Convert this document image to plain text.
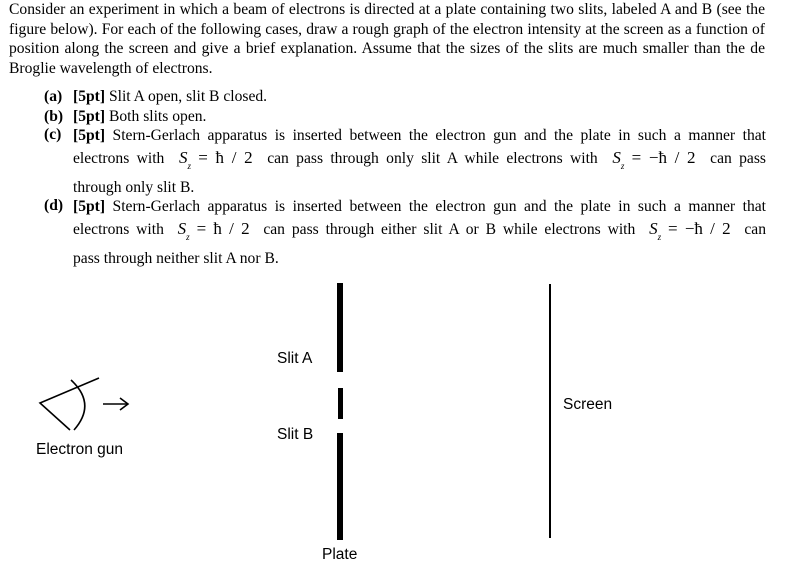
Consider an experiment in which a beam of electrons is directed at a plate containing two slits, labeled A and B (see the figure below). For each of the following cases, draw a rough graph of the electron intensity at the screen as a function of position along the screen and give a brief explanation. Assume that the sizes of the slits are much smaller than the de Broglie wavelength of electrons.
(a) [5pt] Slit A open, slit B closed.
(b) [5pt] Both slits open.
(c) [5pt] Stern-Gerlach apparatus is inserted between the electron gun and the plate in such a manner that
electrons with $S_z$ = ħ / 2 can pass through only slit A while electrons with $S_z$ = −ħ / 2 can pass
through only slit B.
(d) [5pt] Stern-Gerlach apparatus is inserted between the electron gun and the plate in such a manner that
electrons with $S_z$ = ħ / 2 can pass through either slit A or B while electrons with $S_z$ = −ħ / 2 can
pass through neither slit A nor B.
Slit A
Slit B
Screen
Plate
Electron gun
